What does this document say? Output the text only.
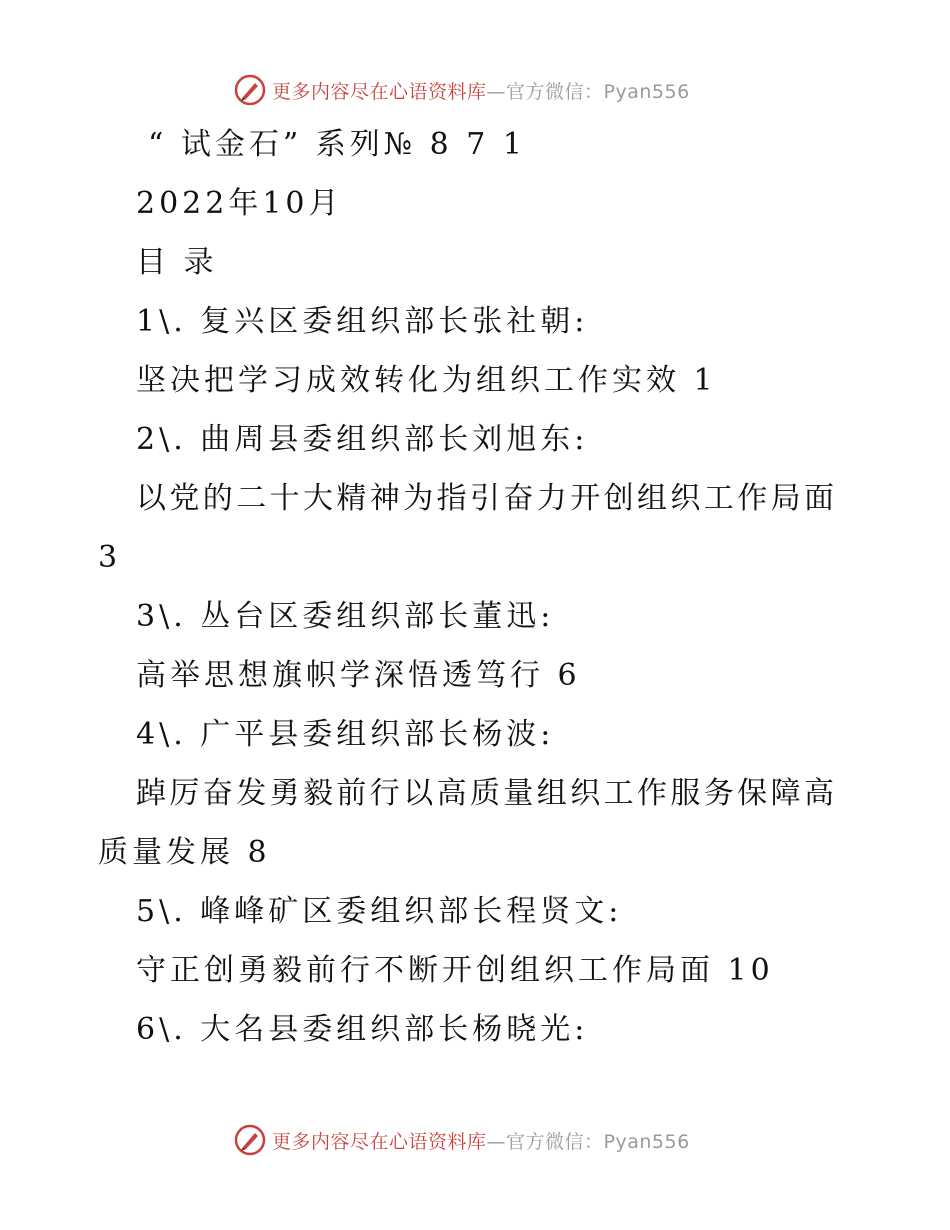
更多内容尽在心语资料库—官方微信：Pyan556
“ 试金石” 系列№ 8 7 1
2022年10月
目 录
1\. 复兴区委组织部长张社朝:
坚决把学习成效转化为组织工作实效 1
2\. 曲周县委组织部长刘旭东:
以党的二十大精神为指引奋力开创组织工作局面
3
3\. 丛台区委组织部长董迅:
高举思想旗帜学深悟透笃行 6
4\. 广平县委组织部长杨波:
踔厉奋发勇毅前行以高质量组织工作服务保障高
质量发展 8
5\. 峰峰矿区委组织部长程贤文:
守正创勇毅前行不断开创组织工作局面 10
6\. 大名县委组织部长杨晓光:
更多内容尽在心语资料库—官方微信：Pyan556
